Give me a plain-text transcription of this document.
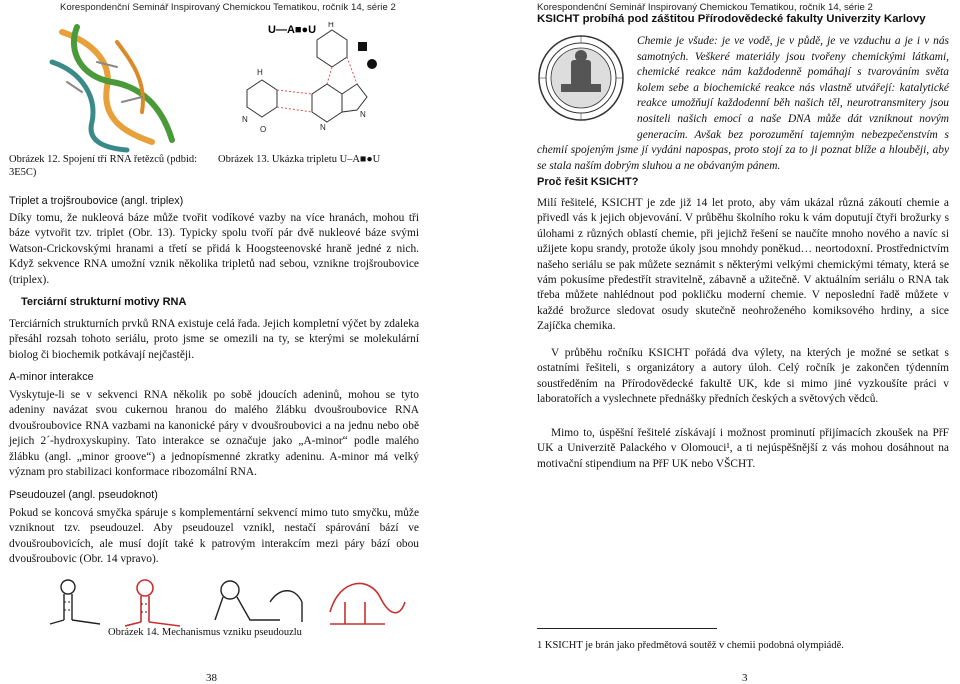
Korespondenční Seminář Inspirovaný Chemickou Tematikou, ročník 14, série 2
U—A■●U
H
N
O	N
N
H
Obrázek 12. Spojení tří RNA řetězců (pdbid: 3E5C)
Obrázek 13. Ukázka tripletu U–A■●U
Triplet a trojšroubovice (angl. triplex)
Díky tomu, že nukleová báze může tvořit vodíkové vazby na více hranách, mohou tři báze vytvořit tzv. triplet (Obr. 13). Typicky spolu tvoří pár dvě nukleové báze svými Watson-Crickovskými hranami a třetí se přidá k Hoogsteenovské hraně jedné z nich. Když sekvence RNA umožní vznik několika tripletů nad sebou, vznikne trojšroubovice (triplex).
Terciární strukturní motivy RNA
Terciárních strukturních prvků RNA existuje celá řada. Jejich kompletní výčet by zdaleka přesáhl rozsah tohoto seriálu, proto jsme se omezili na ty, se kterými se molekulární biolog či biochemik potkávají nejčastěji.
A-minor interakce
Vyskytuje-li se v sekvenci RNA několik po sobě jdoucích adeninů, mohou se tyto adeniny navázat svou cukernou hranou do malého žlábku dvoušroubovice RNA dvoušroubovice RNA vazbami na kanonické páry v dvoušroubovici a na jednu nebo obě jejich 2´-hydroxyskupiny. Tato interakce se označuje jako „A-minor“ podle malého žlábku (angl. „minor groove“) a jednopísmenné zkratky adeninu. A-minor má velký význam pro stabilizaci konformace ribozomální RNA.
Pseudouzel (angl. pseudoknot)
Pokud se koncová smyčka spáruje s komplementární sekvencí mimo tuto smyčku, může vzniknout tzv. pseudouzel. Aby pseudouzel vznikl, nestačí spárování bází ve dvoušroubovicích, ale musí dojít také k patrovým interakcím mezi páry bází obou dvoušroubovic (Obr. 14 vpravo).
Obrázek 14. Mechanismus vzniku pseudouzlu
38
Korespondenční Seminář Inspirovaný Chemickou Tematikou, ročník 14, série 2
KSICHT probíhá pod záštitou Přírodovědecké fakulty Univerzity Karlovy
Chemie je všude: je ve vodě, je v půdě, je ve vzduchu a je i v nás samotných. Veškeré materiály jsou tvořeny chemickými látkami, chemické reakce nám každodenně pomáhají s tvarováním světa kolem sebe a biochemické reakce nás vlastně utvářejí: katalytické reakce umožňují každodenní běh našich těl, neurotransmitery jsou nositeli našich emocí a naše DNA může dát vzniknout novým generacím. Avšak bez porozumění tajemným nebezpečenstvím s chemií spojeným jsme jí vydáni napospas, proto stojí za to ji poznat blíže a hlouběji, aby se stala naším dobrým sluhou a ne obávaným pánem.
Proč řešit KSICHT?
Milí řešitelé, KSICHT je zde již 14 let proto, aby vám ukázal různá zákoutí chemie a přivedl vás k jejich objevování. V průběhu školního roku k vám doputují čtyři brožurky s úlohami z různých oblastí chemie, při jejichž řešení se naučíte mnoho nového a navíc si užijete kopu srandy, protože úkoly jsou mnohdy poněkud… neortodoxní. Prostřednictvím našeho seriálu se pak můžete seznámit s některými velkými chemickými tématy, která se vám pokusíme předestřít stravitelně, zábavně a užitečně. V aktuálním seriálu o RNA tak třeba můžete nahlédnout pod pokličku moderní chemie. V neposlední řadě můžete v každé brožurce sledovat osudy skutečně neohroženého komiksového hrdiny, a sice Zajíčka chemika.
V průběhu ročníku KSICHT pořádá dva výlety, na kterých je možné se setkat s ostatními řešiteli, s organizátory a autory úloh. Celý ročník je zakončen týdenním soustředěním na Přírodovědecké fakultě UK, kde si mimo jiné vyzkoušíte práci v laboratořích a vyslechnete přednášky předních českých a světových vědců.
Mimo to, úspěšní řešitelé získávají i možnost prominutí přijímacích zkoušek na PřF UK a Univerzitě Palackého v Olomouci¹, a ti nejúspěšnější z vás mohou dosáhnout na motivační stipendium na PřF UK nebo VŠCHT.
1 KSICHT je brán jako předmětová soutěž v chemii podobná olympiádě.
3
